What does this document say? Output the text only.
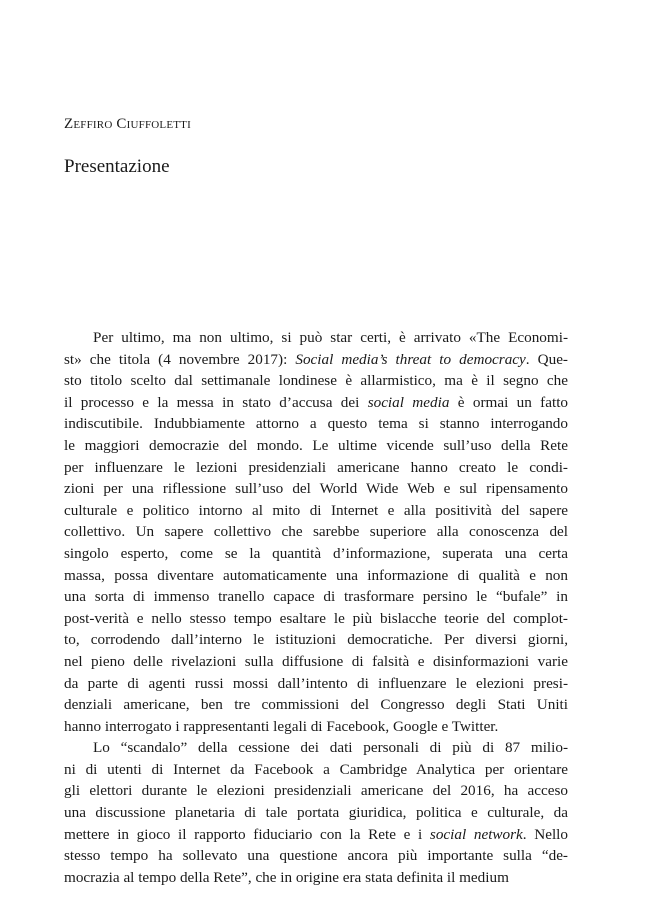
Zeffiro Ciuffoletti
Presentazione
Per ultimo, ma non ultimo, si può star certi, è arrivato «The Economi-
st» che titola (4 novembre 2017): Social media’s threat to democracy. Que-
sto titolo scelto dal settimanale londinese è allarmistico, ma è il segno che
il processo e la messa in stato d’accusa dei social media è ormai un fatto
indiscutibile. Indubbiamente attorno a questo tema si stanno interrogando
le maggiori democrazie del mondo. Le ultime vicende sull’uso della Rete
per influenzare le lezioni presidenziali americane hanno creato le condi-
zioni per una riflessione sull’uso del World Wide Web e sul ripensamento
culturale e politico intorno al mito di Internet e alla positività del sapere
collettivo. Un sapere collettivo che sarebbe superiore alla conoscenza del
singolo esperto, come se la quantità d’informazione, superata una certa
massa, possa diventare automaticamente una informazione di qualità e non
una sorta di immenso tranello capace di trasformare persino le “bufale” in
post-verità e nello stesso tempo esaltare le più bislacche teorie del complot-
to, corrodendo dall’interno le istituzioni democratiche. Per diversi giorni,
nel pieno delle rivelazioni sulla diffusione di falsità e disinformazioni varie
da parte di agenti russi mossi dall’intento di influenzare le elezioni presi-
denziali americane, ben tre commissioni del Congresso degli Stati Uniti
hanno interrogato i rappresentanti legali di Facebook, Google e Twitter.
Lo “scandalo” della cessione dei dati personali di più di 87 milio-
ni di utenti di Internet da Facebook a Cambridge Analytica per orientare
gli elettori durante le elezioni presidenziali americane del 2016, ha acceso
una discussione planetaria di tale portata giuridica, politica e culturale, da
mettere in gioco il rapporto fiduciario con la Rete e i social network. Nello
stesso tempo ha sollevato una questione ancora più importante sulla “de-
mocrazia al tempo della Rete”, che in origine era stata definita il medium
